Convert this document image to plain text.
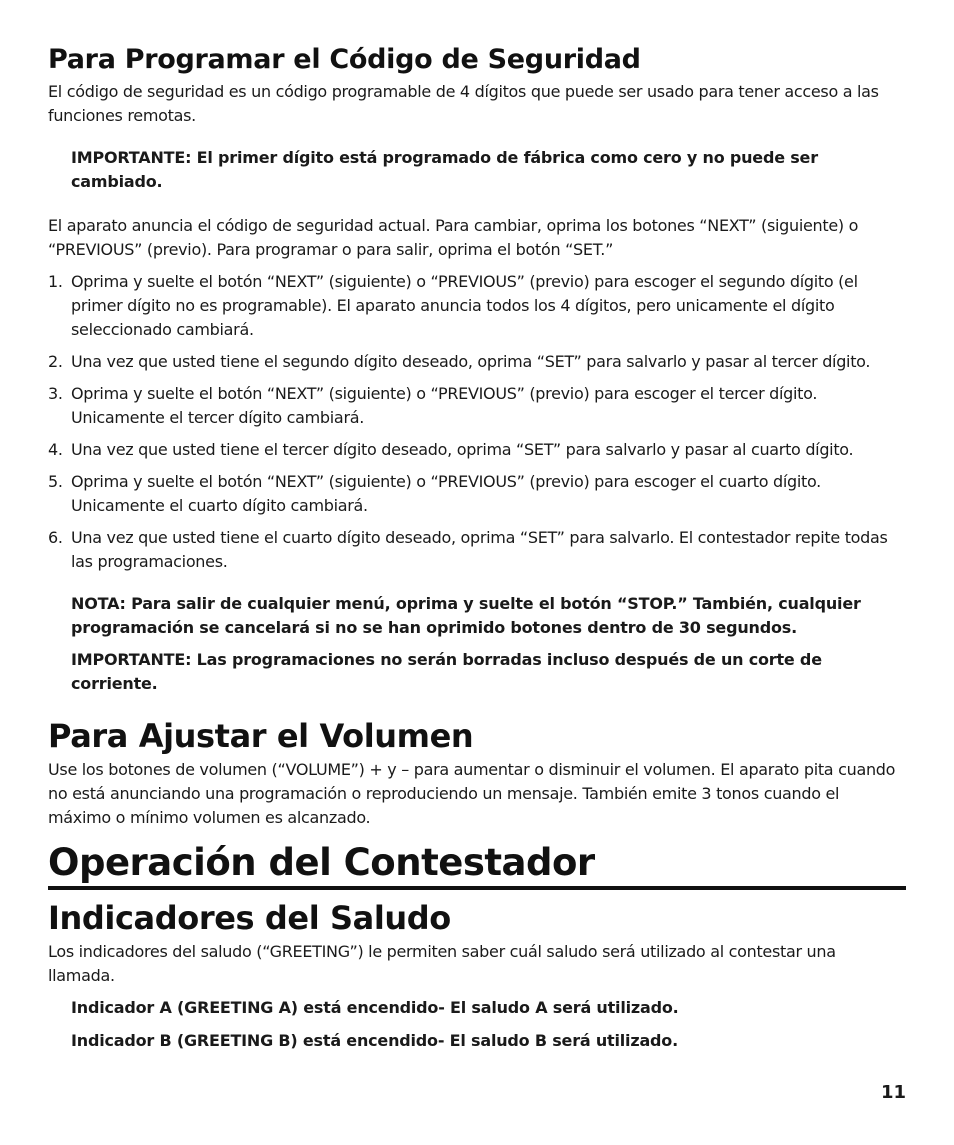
Para Programar el Código de Seguridad

El código de seguridad es un código programable de 4 dígitos que puede ser usado para tener acceso a las funciones remotas.

IMPORTANTE: El primer dígito está programado de fábrica como cero y no puede ser cambiado.

El aparato anuncia el código de seguridad actual. Para cambiar, oprima los botones “NEXT” (siguiente) o “PREVIOUS” (previo). Para programar o para salir, oprima el botón “SET.”

1. Oprima y suelte el botón “NEXT” (siguiente) o “PREVIOUS” (previo) para escoger el segundo dígito (el primer dígito no es programable). El aparato anuncia todos los 4 dígitos, pero unicamente el dígito seleccionado cambiará.
2. Una vez que usted tiene el segundo dígito deseado, oprima “SET” para salvarlo y pasar al tercer dígito.
3. Oprima y suelte el botón “NEXT” (siguiente) o “PREVIOUS” (previo) para escoger el tercer dígito. Unicamente el tercer dígito cambiará.
4. Una vez que usted tiene el tercer dígito deseado, oprima “SET” para salvarlo y pasar al cuarto dígito.
5. Oprima y suelte el botón “NEXT” (siguiente) o “PREVIOUS” (previo) para escoger el cuarto dígito. Unicamente el cuarto dígito cambiará.
6. Una vez que usted tiene el cuarto dígito deseado, oprima “SET” para salvarlo. El contestador repite todas las programaciones.

NOTA: Para salir de cualquier menú, oprima y suelte el botón “STOP.” También, cualquier programación se cancelará si no se han oprimido botones dentro de 30 segundos.

IMPORTANTE: Las programaciones no serán borradas incluso después de un corte de corriente.

Para Ajustar el Volumen

Use los botones de volumen (“VOLUME”) + y – para aumentar o disminuir el volumen. El aparato pita cuando no está anunciando una programación o reproduciendo un mensaje. También emite 3 tonos cuando el máximo o mínimo volumen es alcanzado.

Operación del Contestador
Indicadores del Saludo

Los indicadores del saludo (“GREETING”) le permiten saber cuál saludo será utilizado al contestar una llamada.

Indicador A (GREETING A) está encendido- El saludo A será utilizado.

Indicador B (GREETING B) está encendido- El saludo B será utilizado.

11
